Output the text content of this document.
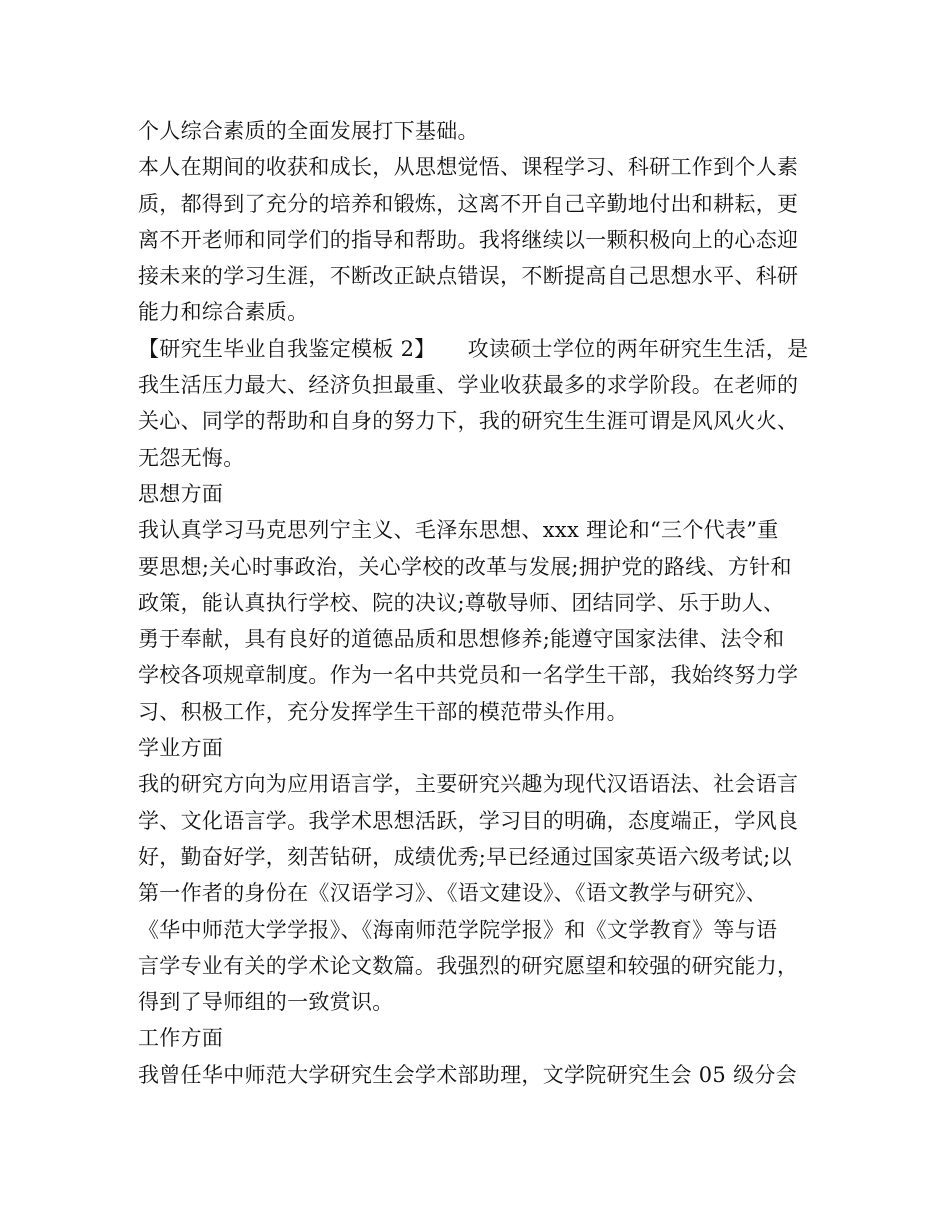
个人综合素质的全面发展打下基础。
本人在期间的收获和成长，从思想觉悟、课程学习、科研工作到个人素
质，都得到了充分的培养和锻炼，这离不开自己辛勤地付出和耕耘，更
离不开老师和同学们的指导和帮助。我将继续以一颗积极向上的心态迎
接未来的学习生涯，不断改正缺点错误，不断提高自己思想水平、科研
能力和综合素质。
【研究生毕业自我鉴定模板 2】　　攻读硕士学位的两年研究生生活，是
我生活压力最大、经济负担最重、学业收获最多的求学阶段。在老师的
关心、同学的帮助和自身的努力下，我的研究生生涯可谓是风风火火、
无怨无悔。
思想方面
我认真学习马克思列宁主义、毛泽东思想、xxx 理论和“三个代表”重
要思想;关心时事政治，关心学校的改革与发展;拥护党的路线、方针和
政策，能认真执行学校、院的决议;尊敬导师、团结同学、乐于助人、
勇于奉献，具有良好的道德品质和思想修养;能遵守国家法律、法令和
学校各项规章制度。作为一名中共党员和一名学生干部，我始终努力学
习、积极工作，充分发挥学生干部的模范带头作用。
学业方面
我的研究方向为应用语言学，主要研究兴趣为现代汉语语法、社会语言
学、文化语言学。我学术思想活跃，学习目的明确，态度端正，学风良
好，勤奋好学，刻苦钻研，成绩优秀;早已经通过国家英语六级考试;以
第一作者的身份在《汉语学习》、《语文建设》、《语文教学与研究》、
《华中师范大学学报》、《海南师范学院学报》和《文学教育》等与语
言学专业有关的学术论文数篇。我强烈的研究愿望和较强的研究能力，
得到了导师组的一致赏识。
工作方面
我曾任华中师范大学研究生会学术部助理，文学院研究生会 05 级分会
